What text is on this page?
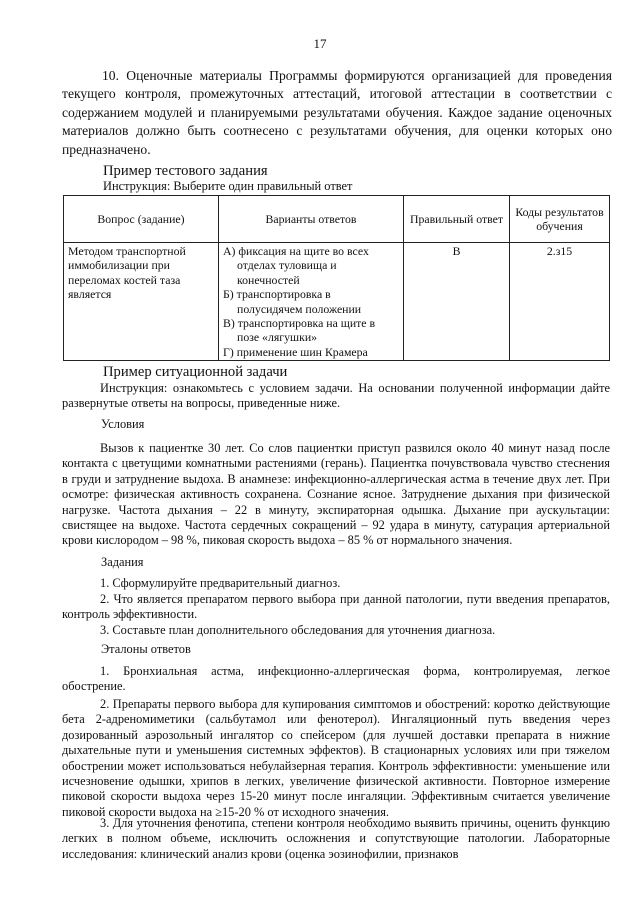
17
10. Оценочные материалы Программы формируются организацией для проведения текущего контроля, промежуточных аттестаций, итоговой аттестации в соответствии с содержанием модулей и планируемыми результатами обучения. Каждое задание оценочных материалов должно быть соотнесено с результатами обучения, для оценки которых оно предназначено.
Пример тестового задания
Инструкция: Выберите один правильный ответ
Вопрос (задание)	Варианты ответов	Правильный ответ	Коды результатов обучения
Методом транспортной иммобилизации при переломах костей таза является	А) фиксация на щите во всех отделах туловища и конечностей
Б) транспортировка в полусидячем положении
В) транспортировка на щите в позе «лягушки»
Г) применение шин Крамера	В	2.з15
Пример ситуационной задачи

Инструкция: ознакомьтесь с условием задачи. На основании полученной информации дайте развернутые ответы на вопросы, приведенные ниже.

Условия

Вызов к пациентке 30 лет. Со слов пациентки приступ развился около 40 минут назад после контакта с цветущими комнатными растениями (герань). Пациентка почувствовала чувство стеснения в груди и затруднение выдоха. В анамнезе: инфекционно-аллергическая астма в течение двух лет. При осмотре: физическая активность сохранена. Сознание ясное. Затруднение дыхания при физической нагрузке. Частота дыхания – 22 в минуту, экспираторная одышка. Дыхание при аускультации: свистящее на выдохе. Частота сердечных сокращений – 92 удара в минуту, сатурация артериальной крови кислородом – 98 %, пиковая скорость выдоха – 85 % от нормального значения.

Задания

1. Сформулируйте предварительный диагноз.

2. Что является препаратом первого выбора при данной патологии, пути введения препаратов, контроль эффективности.

3. Составьте план дополнительного обследования для уточнения диагноза.

Эталоны ответов

1. Бронхиальная астма, инфекционно-аллергическая форма, контролируемая, легкое обострение.

2. Препараты первого выбора для купирования симптомов и обострений: коротко действующие бета 2-адреномиметики (сальбутамол или фенотерол). Ингаляционный путь введения через дозированный аэрозольный ингалятор со спейсером (для лучшей доставки препарата в нижние дыхательные пути и уменьшения системных эффектов). В стационарных условиях или при тяжелом обострении может использоваться небулайзерная терапия. Контроль эффективности: уменьшение или исчезновение одышки, хрипов в легких, увеличение физической активности. Повторное измерение пиковой скорости выдоха через 15-20 минут после ингаляции. Эффективным считается увеличение пиковой скорости выдоха на ≥15-20 % от исходного значения.

3. Для уточнения фенотипа, степени контроля необходимо выявить причины, оценить функцию легких в полном объеме, исключить осложнения и сопутствующие патологии. Лабораторные исследования: клинический анализ крови (оценка эозинофилии, признаков
